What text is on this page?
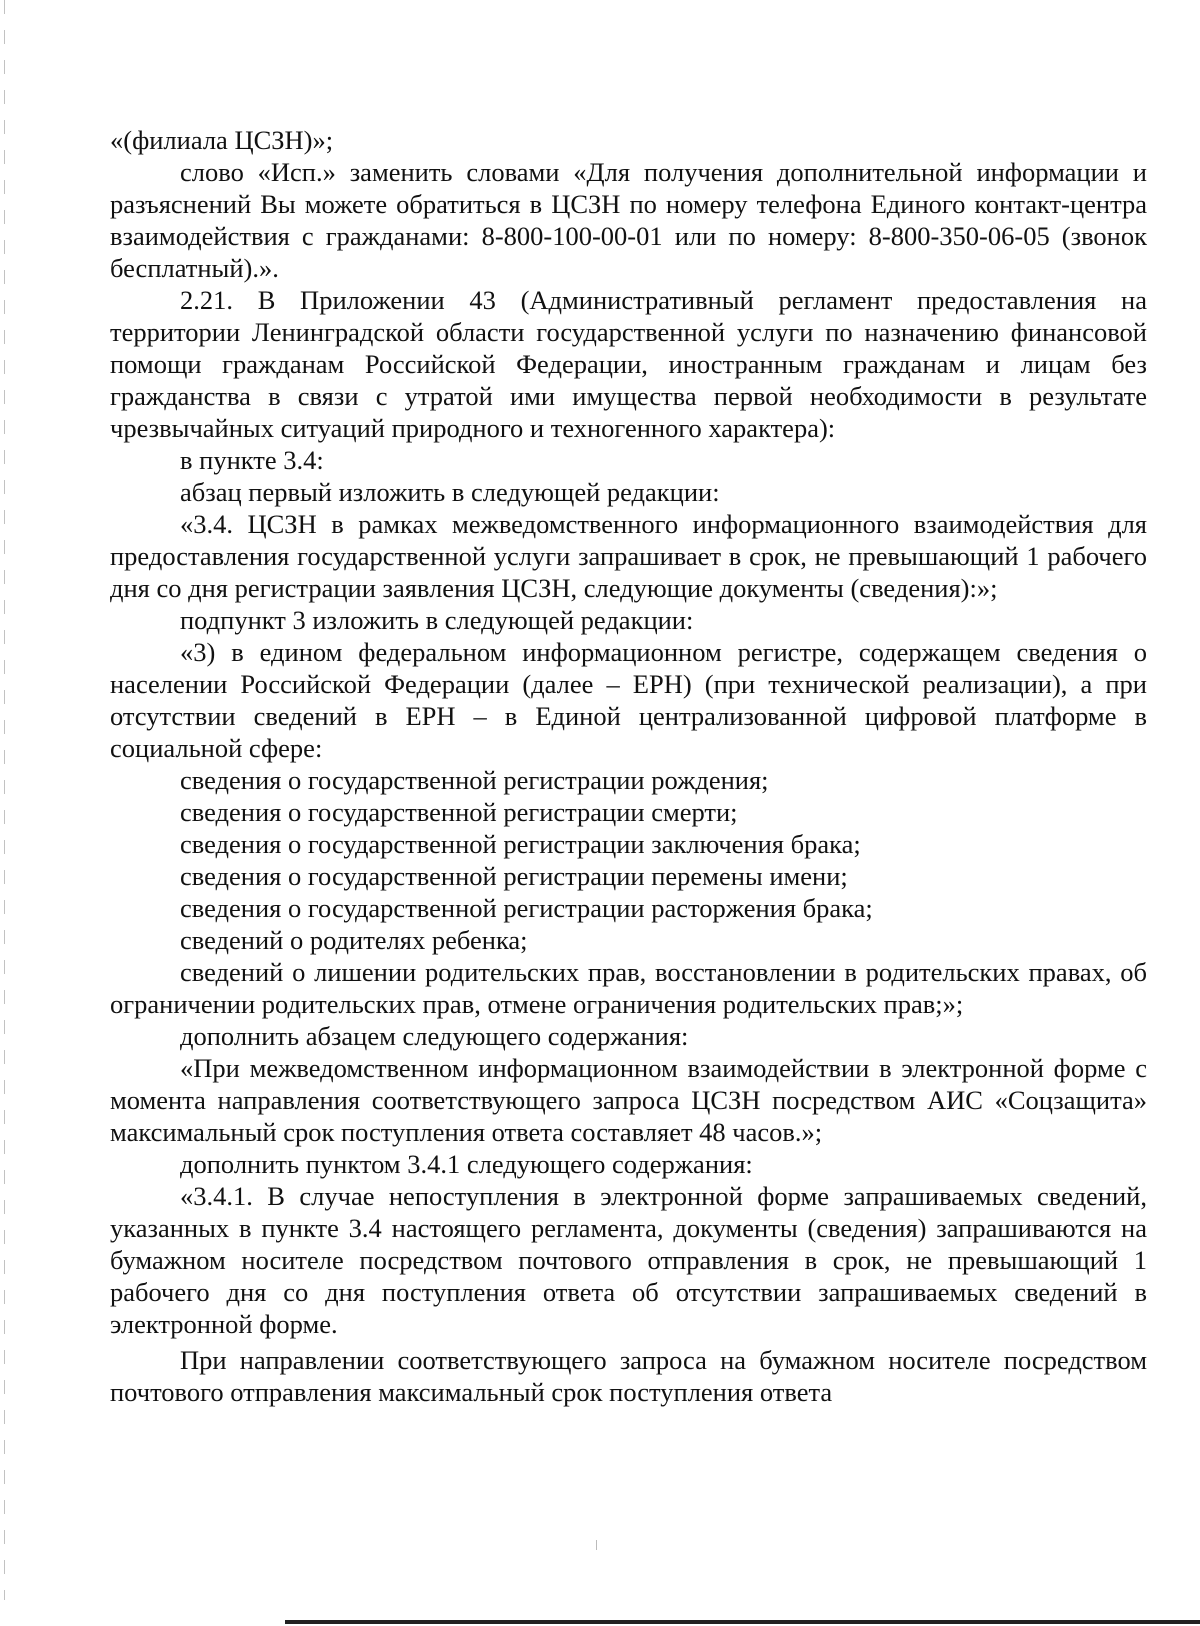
«(филиала ЦСЗН)»;

слово «Исп.» заменить словами «Для получения дополнительной информации и разъяснений Вы можете обратиться в ЦСЗН по номеру телефона Единого контакт-центра взаимодействия с гражданами: 8-800-100-00-01 или по номеру: 8-800-350-06-05 (звонок бесплатный).».

2.21. В Приложении 43 (Административный регламент предоставления на территории Ленинградской области государственной услуги по назначению финансовой помощи гражданам Российской Федерации, иностранным гражданам и лицам без гражданства в связи с утратой ими имущества первой необходимости в результате чрезвычайных ситуаций природного и техногенного характера):

в пункте 3.4:

абзац первый изложить в следующей редакции:

«3.4. ЦСЗН в рамках межведомственного информационного взаимодействия для предоставления государственной услуги запрашивает в срок, не превышающий 1 рабочего дня со дня регистрации заявления ЦСЗН, следующие документы (сведения):»;

подпункт 3 изложить в следующей редакции:

«3) в едином федеральном информационном регистре, содержащем сведения о населении Российской Федерации (далее – ЕРН) (при технической реализации), а при отсутствии сведений в ЕРН – в Единой централизованной цифровой платформе в социальной сфере:

сведения о государственной регистрации рождения;

сведения о государственной регистрации смерти;

сведения о государственной регистрации заключения брака;

сведения о государственной регистрации перемены имени;

сведения о государственной регистрации расторжения брака;

сведений о родителях ребенка;

сведений о лишении родительских прав, восстановлении в родительских правах, об ограничении родительских прав, отмене ограничения родительских прав;»;

дополнить абзацем следующего содержания:

«При межведомственном информационном взаимодействии в электронной форме с момента направления соответствующего запроса ЦСЗН посредством АИС «Соцзащита» максимальный срок поступления ответа составляет 48 часов.»;

дополнить пунктом 3.4.1 следующего содержания:

«3.4.1. В случае непоступления в электронной форме запрашиваемых сведений, указанных в пункте 3.4 настоящего регламента, документы (сведения) запрашиваются на бумажном носителе посредством почтового отправления в срок, не превышающий 1 рабочего дня со дня поступления ответа об отсутствии запрашиваемых сведений в электронной форме.

При направлении соответствующего запроса на бумажном носителе посредством почтового отправления максимальный срок поступления ответа
